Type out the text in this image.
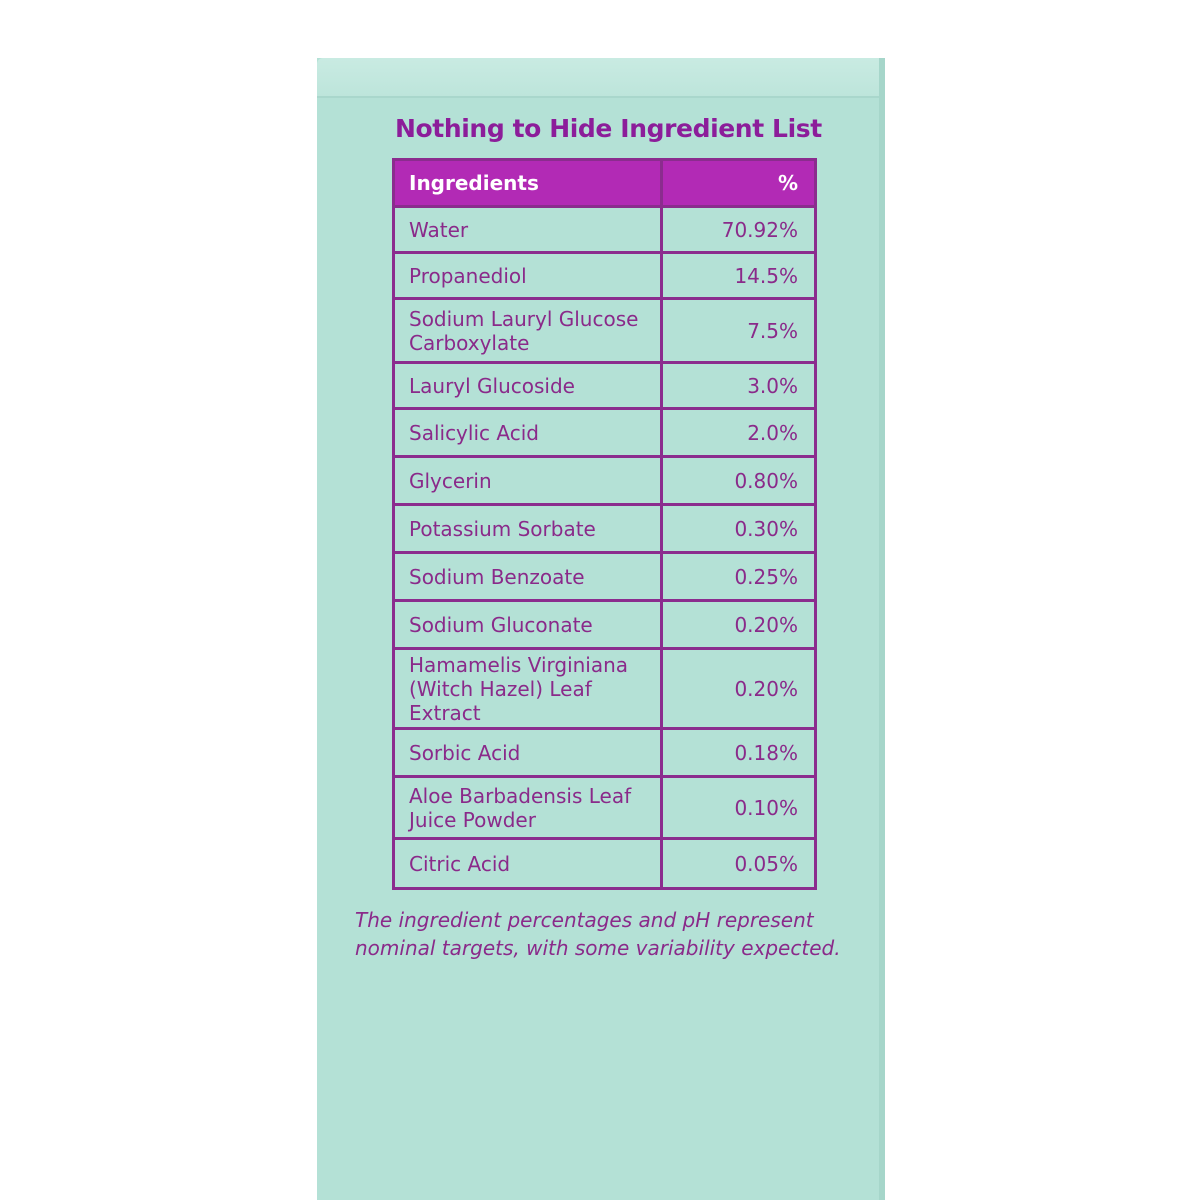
Nothing to Hide Ingredient List
Ingredients	%
Water	70.92%
Propanediol	14.5%
Sodium Lauryl Glucose Carboxylate	7.5%
Lauryl Glucoside	3.0%
Salicylic Acid	2.0%
Glycerin	0.80%
Potassium Sorbate	0.30%
Sodium Benzoate	0.25%
Sodium Gluconate	0.20%
Hamamelis Virginiana (Witch Hazel) Leaf Extract	0.20%
Sorbic Acid	0.18%
Aloe Barbadensis Leaf Juice Powder	0.10%
Citric Acid	0.05%
The ingredient percentages and pH represent nominal targets, with some variability expected.
